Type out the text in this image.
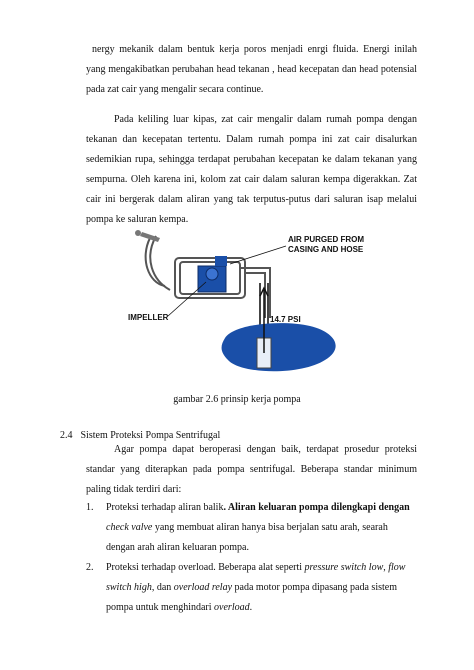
nergy mekanik dalam bentuk kerja poros menjadi enrgi fluida. Energi inilah yang mengakibatkan perubahan head tekanan , head kecepatan dan head potensial pada zat cair yang mengalir secara continue.

Pada keliling luar kipas, zat cair mengalir dalam rumah pompa dengan tekanan dan kecepatan tertentu. Dalam rumah pompa ini zat cair disalurkan sedemikian rupa, sehingga terdapat perubahan kecepatan ke dalam tekanan yang sempurna. Oleh karena ini, kolom zat cair dalam saluran kempa digerakkan. Zat cair ini bergerak dalam aliran yang tak terputus-putus dari saluran isap melalui pompa ke saluran kempa.

AIR PURGED FROM
CASING AND HOSE
IMPELLER	14.7 PSI
gambar 2.6 prinsip kerja pompa
2.4 Sistem Proteksi Pompa Sentrifugal

Agar pompa dapat beroperasi dengan baik, terdapat prosedur proteksi standar yang diterapkan pada pompa sentrifugal. Beberapa standar minimum paling tidak terdiri dari:

1. Proteksi terhadap aliran balik. Aliran keluaran pompa dilengkapi dengan check valve yang membuat aliran hanya bisa berjalan satu arah, searah dengan arah aliran keluaran pompa.
2. Proteksi terhadap overload. Beberapa alat seperti pressure switch low, flow switch high, dan overload relay pada motor pompa dipasang pada sistem pompa untuk menghindari overload.
